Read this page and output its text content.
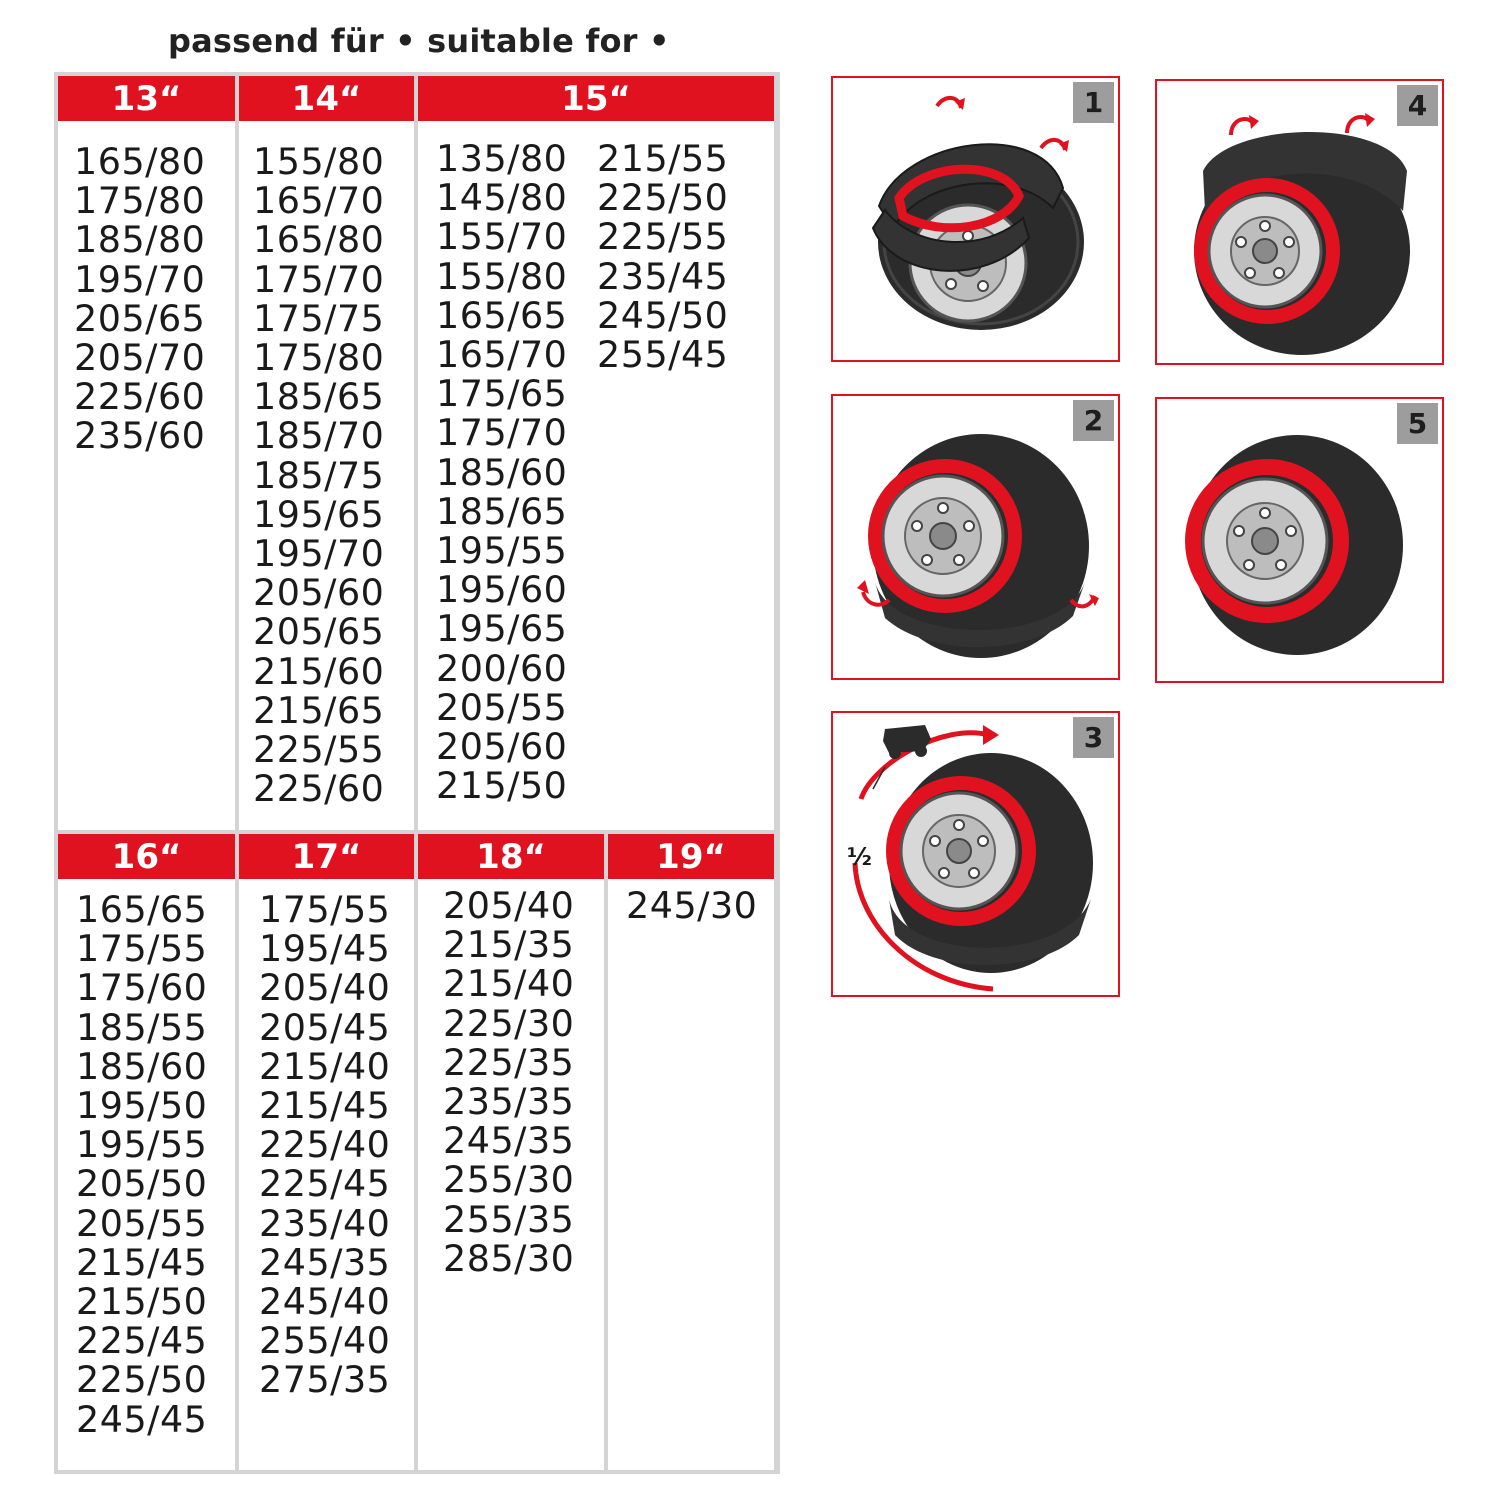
passend für • suitable for •
13“
165/80
175/80
185/80
195/70
205/65
205/70
225/60
235/60
14“
155/80
165/70
165/80
175/70
175/75
175/80
185/65
185/70
185/75
195/65
195/70
205/60
205/65
215/60
215/65
225/55
225/60
15“
135/80
145/80
155/70
155/80
165/65
165/70
175/65
175/70
185/60
185/65
195/55
195/60
195/65
200/60
205/55
205/60
215/50
215/55
225/50
225/55
235/45
245/50
255/45
16“
165/65
175/55
175/60
185/55
185/60
195/50
195/55
205/50
205/55
215/45
215/50
225/45
225/50
245/45
17“
175/55
195/45
205/40
205/45
215/40
215/45
225/40
225/45
235/40
245/35
245/40
255/40
275/35
18“
205/40
215/35
215/40
225/30
225/35
235/35
245/35
255/30
255/35
285/30
19“
245/30
1
2
3
½
4
5
